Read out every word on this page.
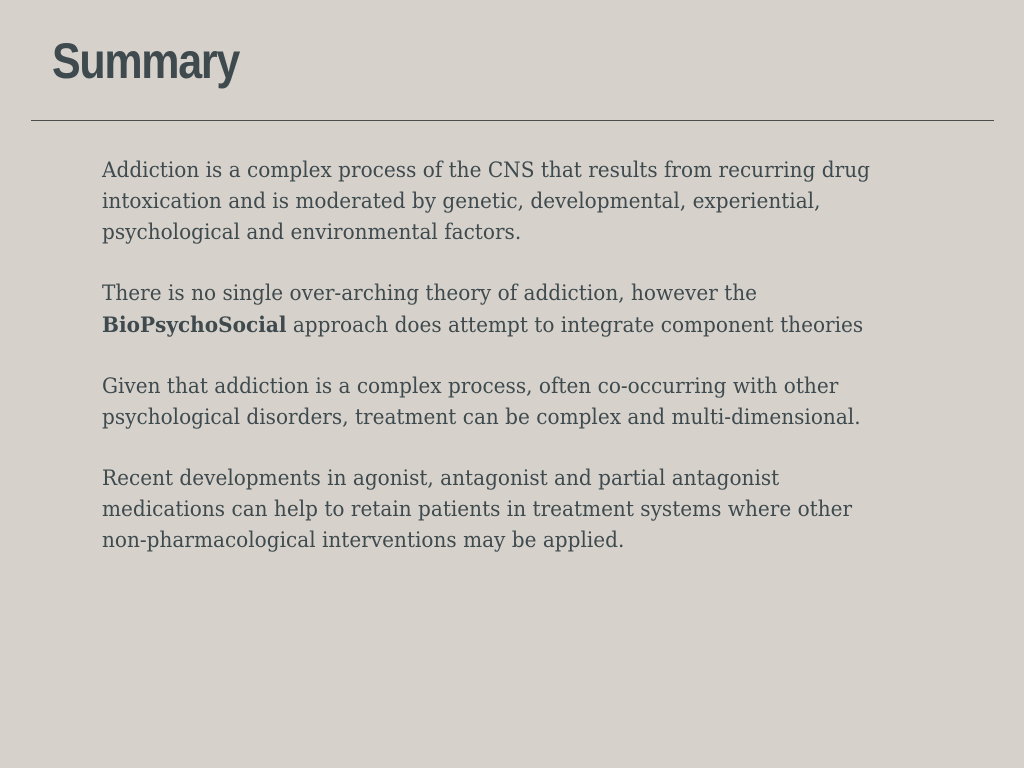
Summary

Addiction is a complex process of the CNS that results from recurring drug
intoxication and is moderated by genetic, developmental, experiential,
psychological and environmental factors.

There is no single over-arching theory of addiction, however the
BioPsychoSocial approach does attempt to integrate component theories

Given that addiction is a complex process, often co-occurring with other
psychological disorders, treatment can be complex and multi-dimensional.

Recent developments in agonist, antagonist and partial antagonist
medications can help to retain patients in treatment systems where other
non-pharmacological interventions may be applied.
